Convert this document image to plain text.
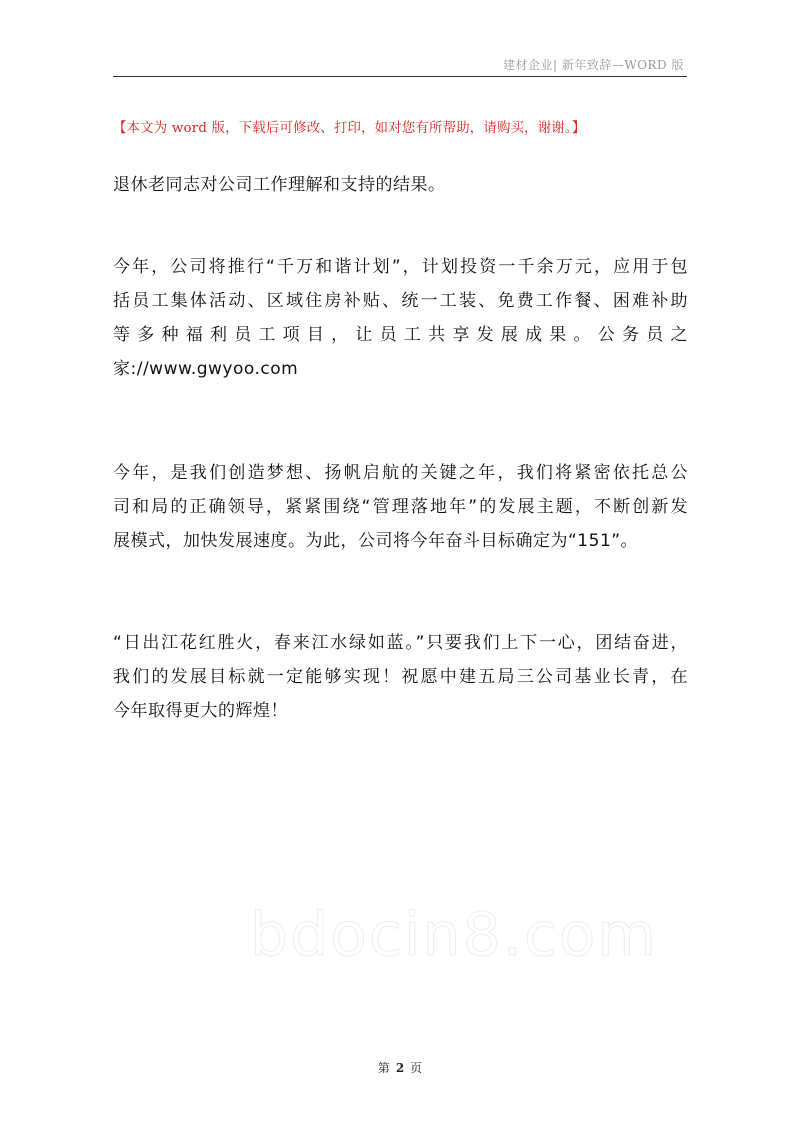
建材企业| 新年致辞—WORD 版
【本文为 word 版，下载后可修改、打印，如对您有所帮助，请购买，谢谢。】

退休老同志对公司工作理解和支持的结果。

今年，公司将推行“千万和谐计划”，计划投资一千余万元，应用于包

括员工集体活动、区域住房补贴、统一工装、免费工作餐、困难补助

等多种福利员工项目，让员工共享发展成果。公务员之

家://www.gwyoo.com

今年，是我们创造梦想、扬帆启航的关键之年，我们将紧密依托总公

司和局的正确领导，紧紧围绕“管理落地年”的发展主题，不断创新发

展模式，加快发展速度。为此，公司将今年奋斗目标确定为“151”。

“日出江花红胜火，春来江水绿如蓝。”只要我们上下一心，团结奋进，

我们的发展目标就一定能够实现！祝愿中建五局三公司基业长青，在

今年取得更大的辉煌！

bdocin8.com
第 2 页
